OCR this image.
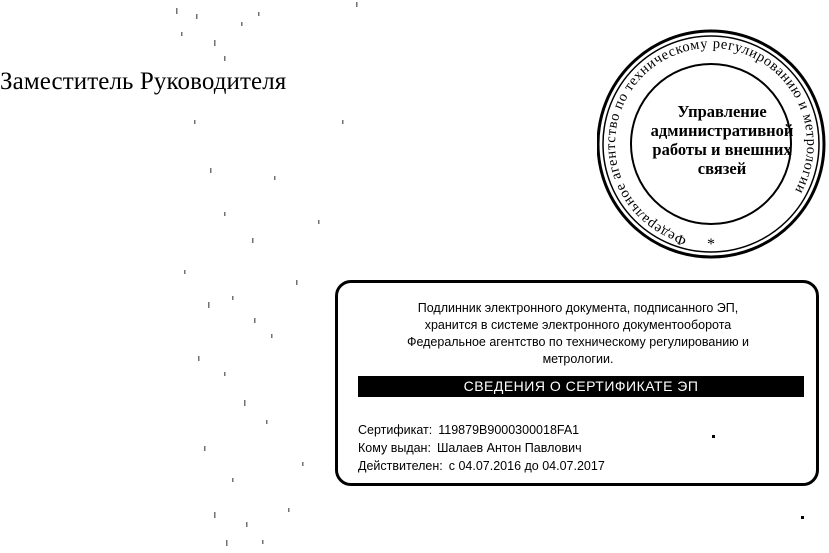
Заместитель Руководителя
Федеральное агентство по техническому регулированию и метрологии
*
Управление
административной
работы и внешних
связей
Подлинник электронного документа, подписанного ЭП,
хранится в системе электронного документооборота
Федеральное агентство по техническому регулированию и
метрологии.
СВЕДЕНИЯ О СЕРТИФИКАТЕ ЭП
Сертификат: 119879B9000300018FA1
Кому выдан: Шалаев Антон Павлович
Действителен: с 04.07.2016 до 04.07.2017
